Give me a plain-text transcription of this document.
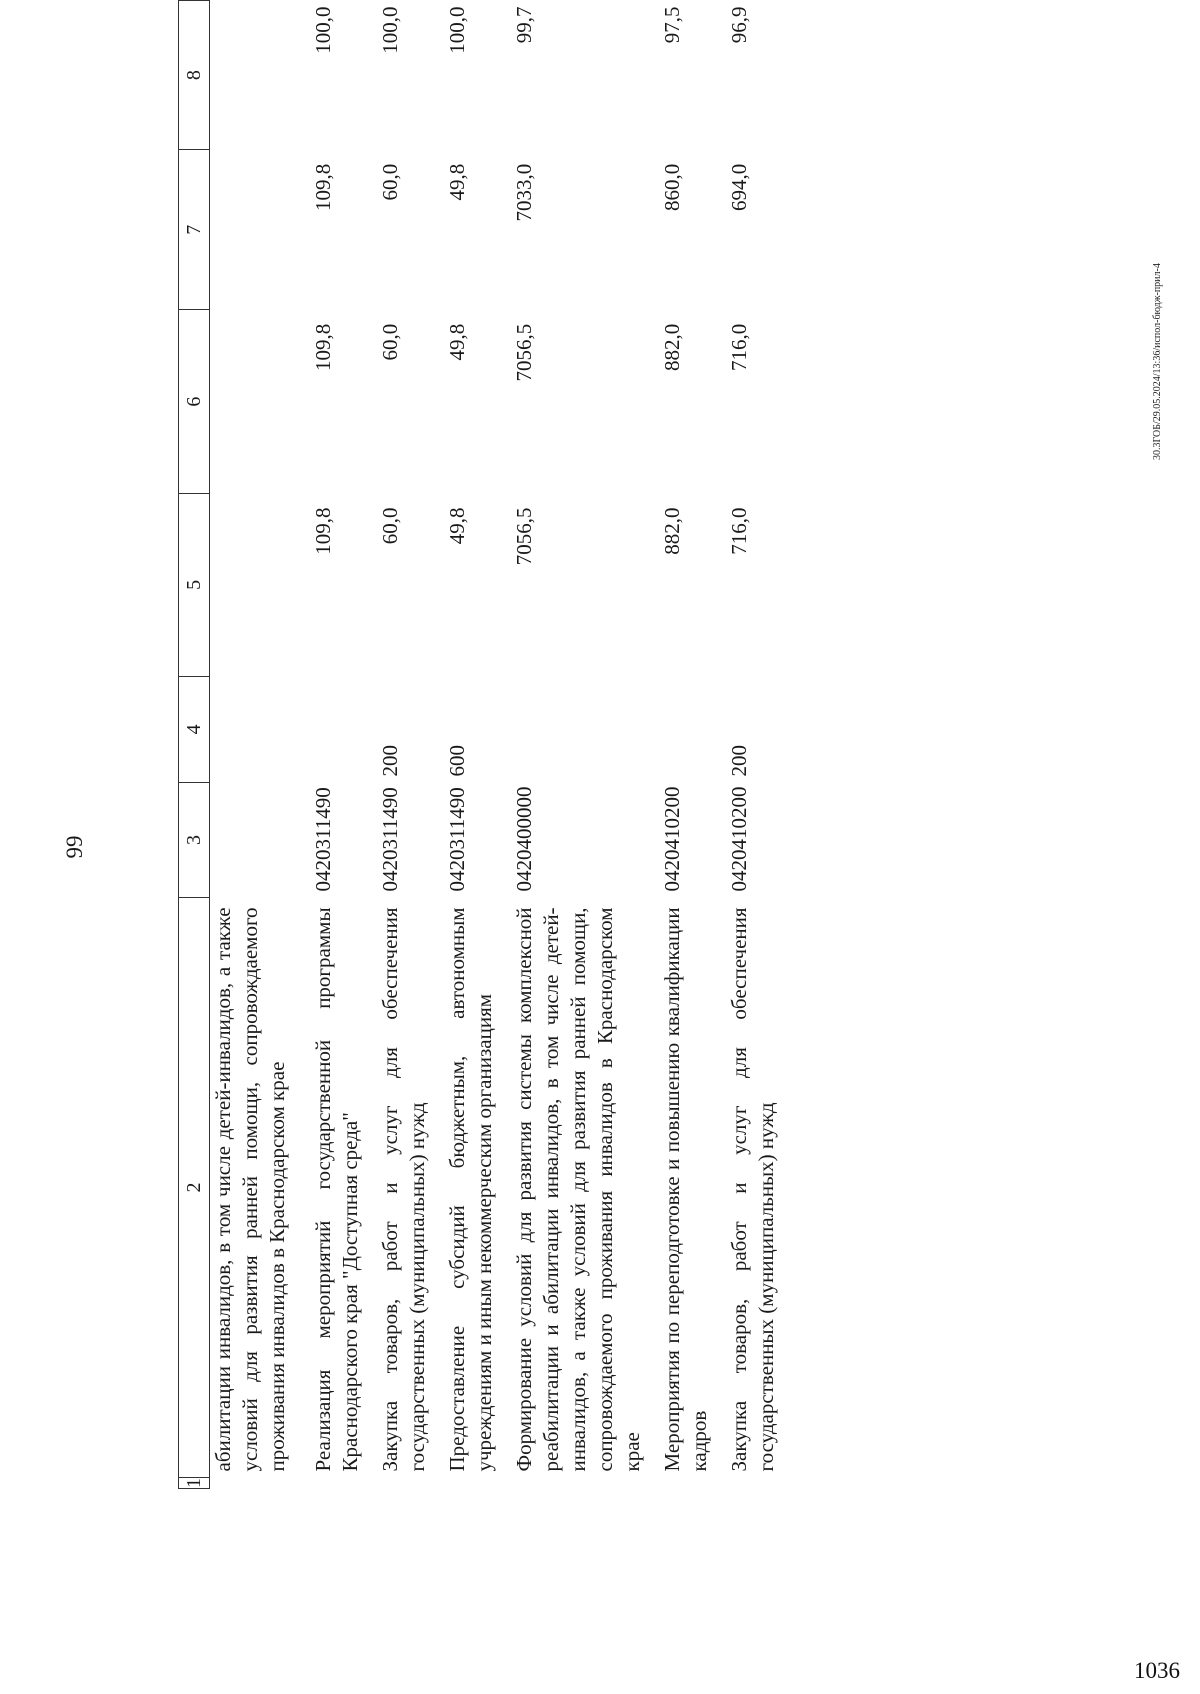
99
1	2	3	4	5	6	7	8
	абилитации инвалидов, в том числе детей-инвалидов, а также условий для развития ранней помощи, сопровождаемого проживания инвалидов в Краснодарском крае						
	Реализация мероприятий государственной программы Краснодарского края "Доступная среда"	0420311490		109,8	109,8	109,8	100,0
	Закупка товаров, работ и услуг для обеспечения государственных (муниципальных) нужд	0420311490	200	60,0	60,0	60,0	100,0
	Предоставление субсидий бюджетным, автономным учреждениям и иным некоммерческим организациям	0420311490	600	49,8	49,8	49,8	100,0
	Формирование условий для развития системы комплексной реабилитации и абилитации инвалидов, в том числе детей-инвалидов, а также условий для развития ранней помощи, сопровождаемого проживания инвалидов в Краснодарском крае	0420400000		7056,5	7056,5	7033,0	99,7
	Мероприятия по переподготовке и повышению квалификации кадров	0420410200		882,0	882,0	860,0	97,5
	Закупка товаров, работ и услуг для обеспечения государственных (муниципальных) нужд	0420410200	200	716,0	716,0	694,0	96,9
30.3ГОБ/29.05.2024/13:36/испол-бюдж-прил-4
1036
